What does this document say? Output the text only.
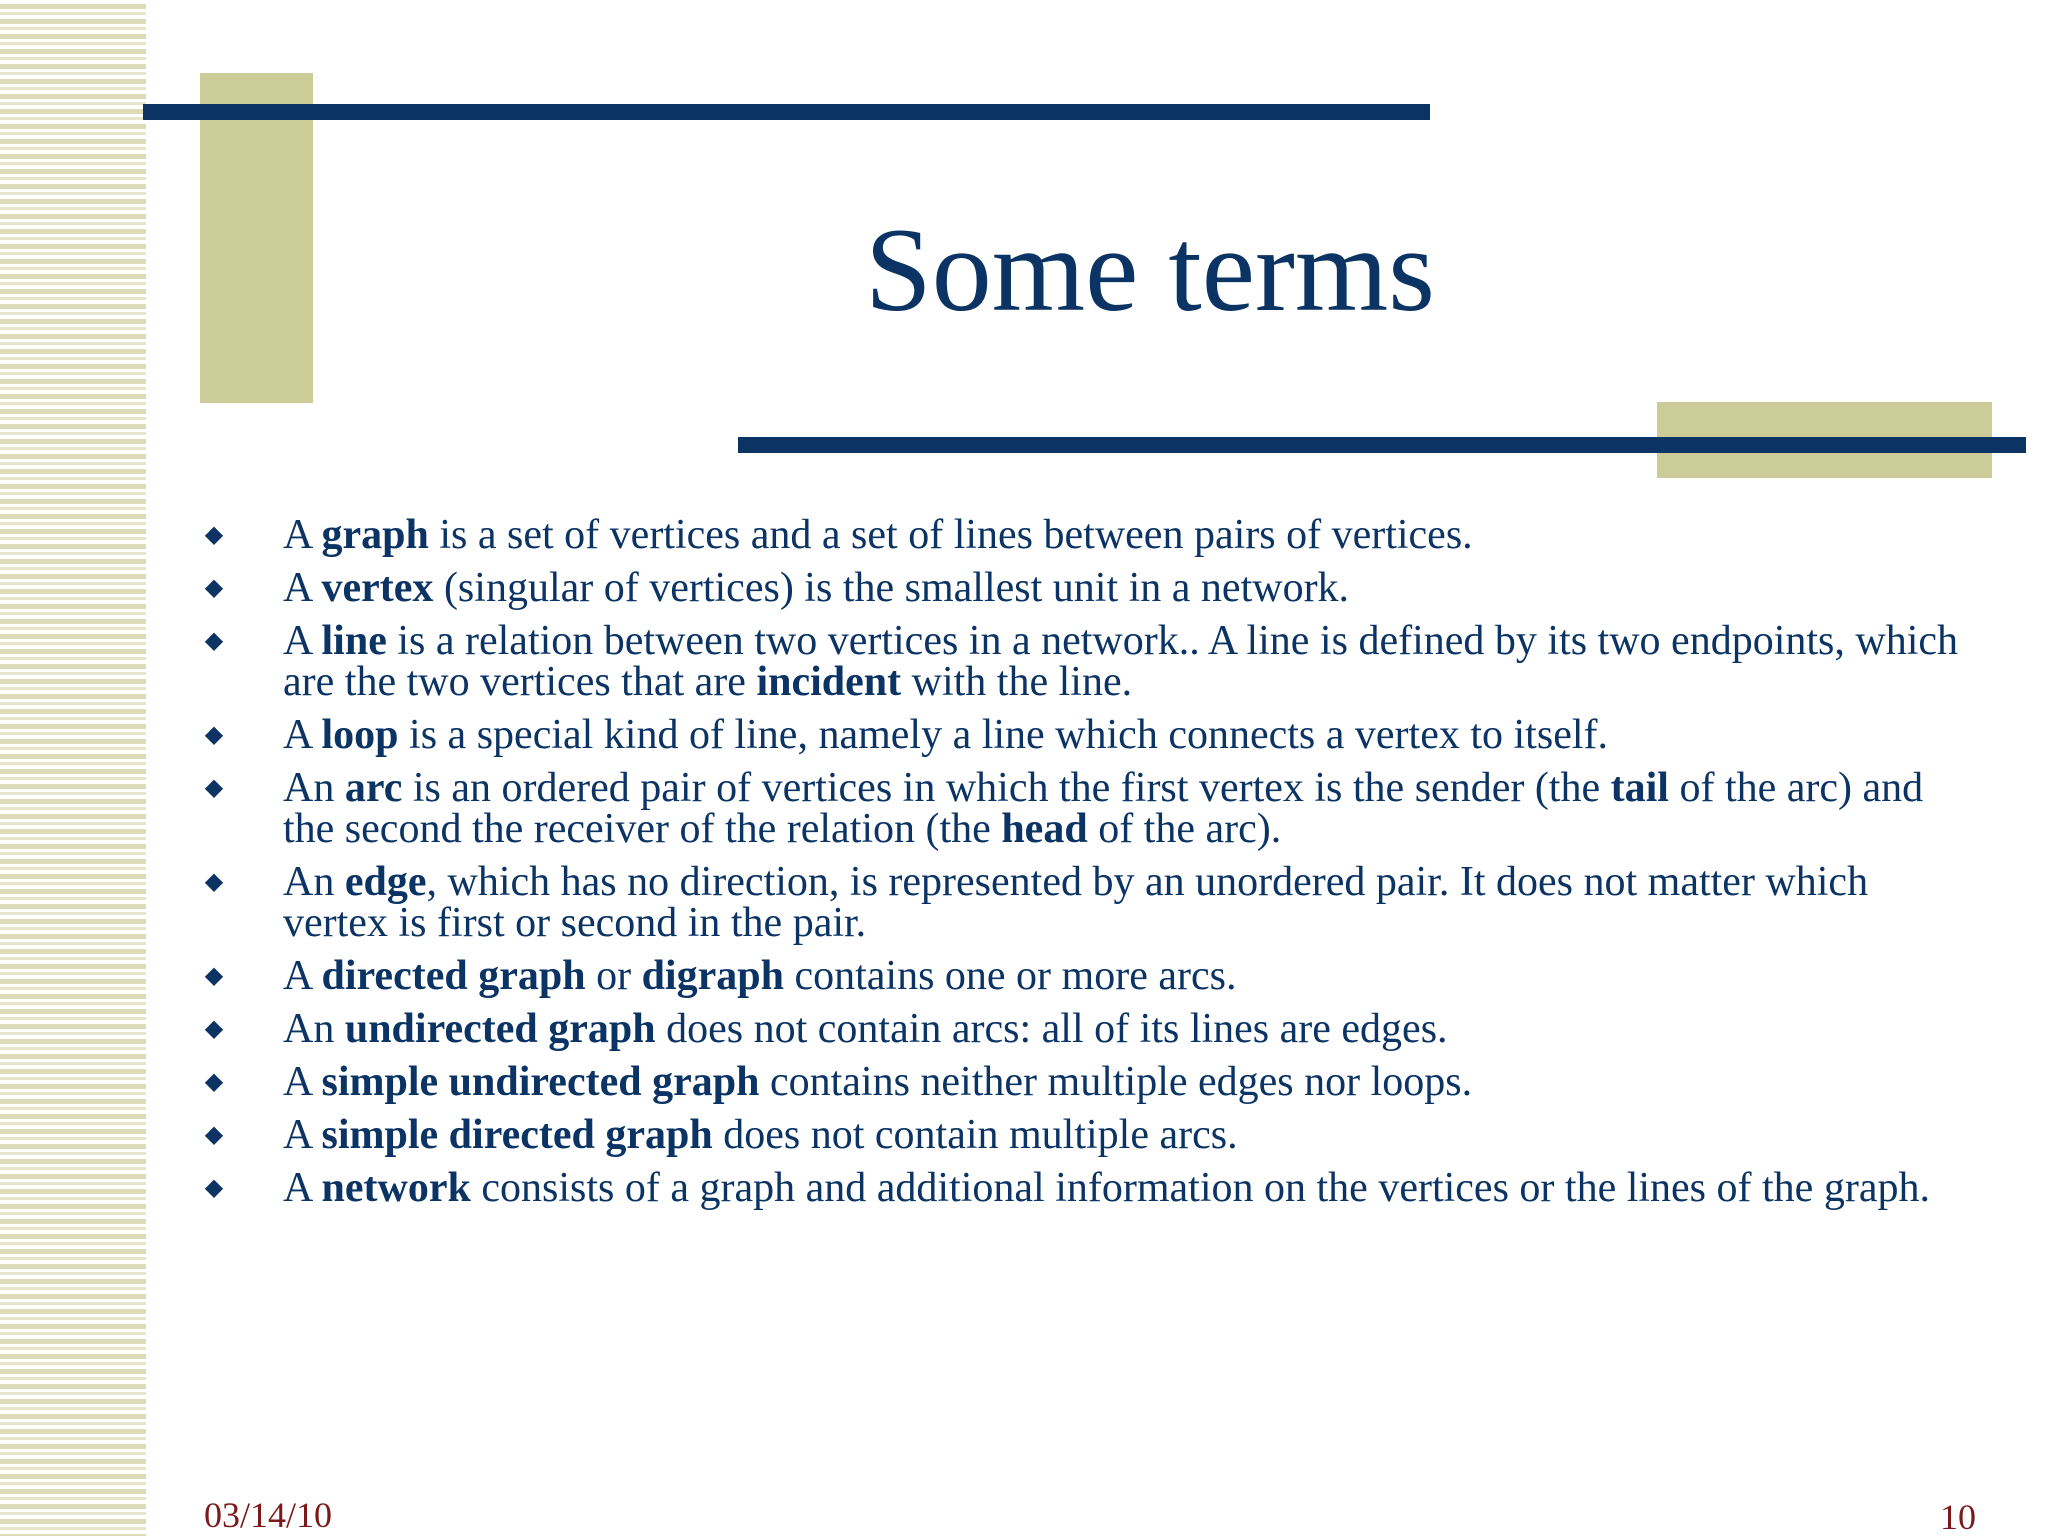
Some terms
◆ A graph is a set of vertices and a set of lines between pairs of vertices.
◆ A vertex (singular of vertices) is the smallest unit in a network.
◆ A line is a relation between two vertices in a network.. A line is defined by its two endpoints, which are the two vertices that are incident with the line.
◆ A loop is a special kind of line, namely a line which connects a vertex to itself.
◆ An arc is an ordered pair of vertices in which the first vertex is the sender (the tail of the arc) and the second the receiver of the relation (the head of the arc).
◆ An edge, which has no direction, is represented by an unordered pair. It does not matter which vertex is first or second in the pair.
◆ A directed graph or digraph contains one or more arcs.
◆ An undirected graph does not contain arcs: all of its lines are edges.
◆ A simple undirected graph contains neither multiple edges nor loops.
◆ A simple directed graph does not contain multiple arcs.
◆ A network consists of a graph and additional information on the vertices or the lines of the graph.
03/14/10	10
